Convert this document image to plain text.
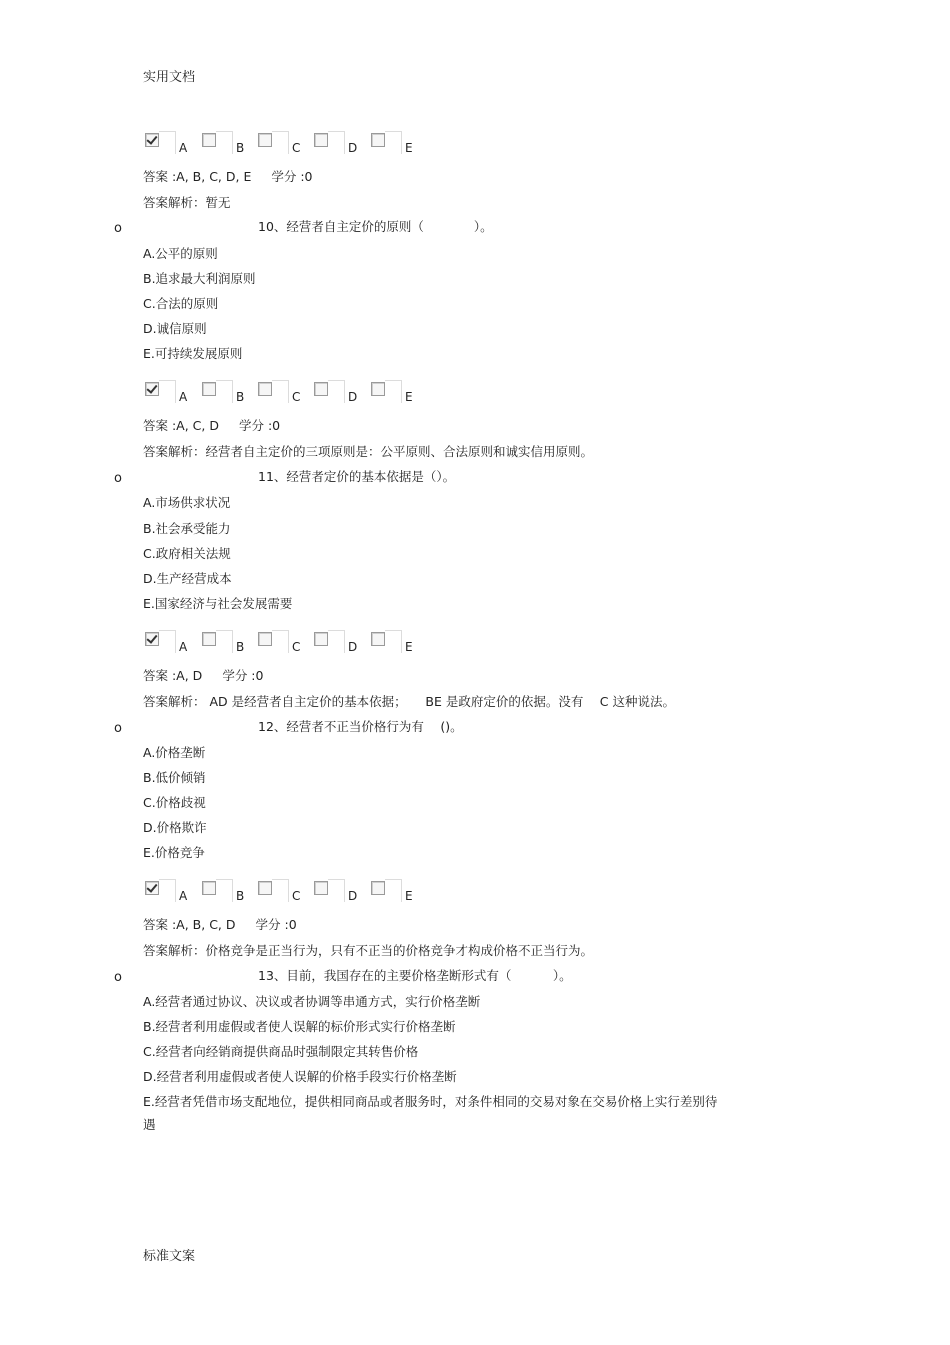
实用文档
标准文案
A	B	C	D	E
答案 :A, B, C, D, E 学分 :0
答案解析：暂无
o	10、经营者自主定价的原则（　　　　）。
A.公平的原则
B.追求最大利润原则
C.合法的原则
D.诚信原则
E.可持续发展原则
A	B	C	D	E
答案 :A, C, D 学分 :0
答案解析：经营者自主定价的三项原则是：公平原则、合法原则和诚实信用原则。
o	11、经营者定价的基本依据是（）。
A.市场供求状况
B.社会承受能力
C.政府相关法规
D.生产经营成本
E.国家经济与社会发展需要
A	B	C	D	E
答案 :A, D 学分 :0
答案解析： AD 是经营者自主定价的基本依据；　　BE 是政府定价的依据。没有　 C 这种说法。
o	12、经营者不正当价格行为有　 ()。
A.价格垄断
B.低价倾销
C.价格歧视
D.价格欺诈
E.价格竞争
A	B	C	D	E
答案 :A, B, C, D 学分 :0
答案解析：价格竞争是正当行为，只有不正当的价格竞争才构成价格不正当行为。
o	13、目前，我国存在的主要价格垄断形式有（　　　 ）。
A.经营者通过协议、决议或者协调等串通方式，实行价格垄断
B.经营者利用虚假或者使人误解的标价形式实行价格垄断
C.经营者向经销商提供商品时强制限定其转售价格
D.经营者利用虚假或者使人误解的价格手段实行价格垄断
E.经营者凭借市场支配地位，提供相同商品或者服务时，对条件相同的交易对象在交易价格上实行差别待
遇
